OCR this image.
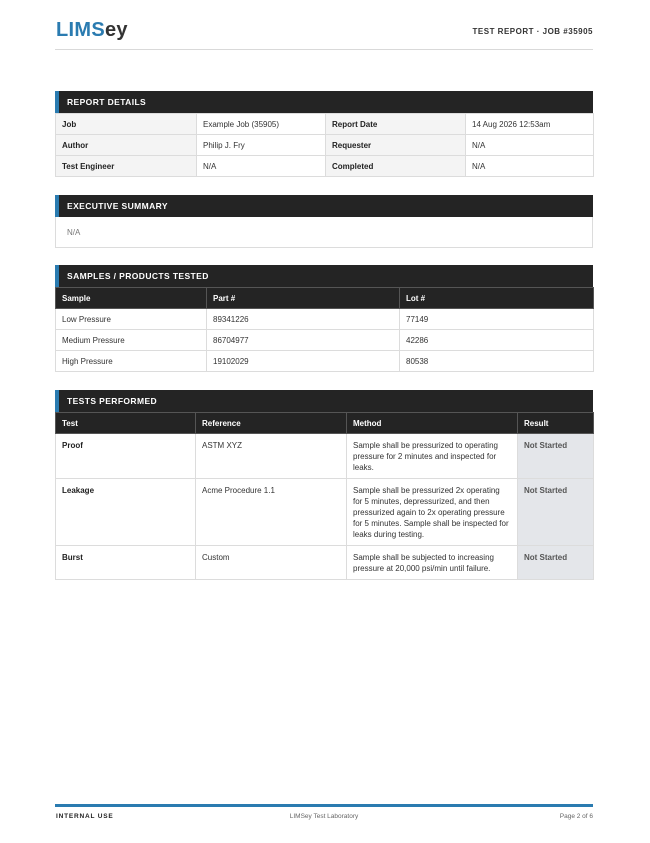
LIMSey	TEST REPORT · JOB #35905
REPORT DETAILS
Job	Example Job (35905)	Report Date	14 Aug 2026 12:53am
Author	Philip J. Fry	Requester	N/A
Test Engineer	N/A	Completed	N/A
EXECUTIVE SUMMARY
N/A
SAMPLES / PRODUCTS TESTED
Sample	Part #	Lot #
Low Pressure	89341226	77149
Medium Pressure	86704977	42286
High Pressure	19102029	80538
TESTS PERFORMED
Test	Reference	Method	Result
Proof	ASTM XYZ	Sample shall be pressurized to operating pressure for 2 minutes and inspected for leaks.	Not Started
Leakage	Acme Procedure 1.1	Sample shall be pressurized 2x operating for 5 minutes, depressurized, and then pressurized again to 2x operating pressure for 5 minutes. Sample shall be inspected for leaks during testing.	Not Started
Burst	Custom	Sample shall be subjected to increasing pressure at 20,000 psi/min until failure.	Not Started
INTERNAL USE	LIMSey Test Laboratory	Page 2 of 6
